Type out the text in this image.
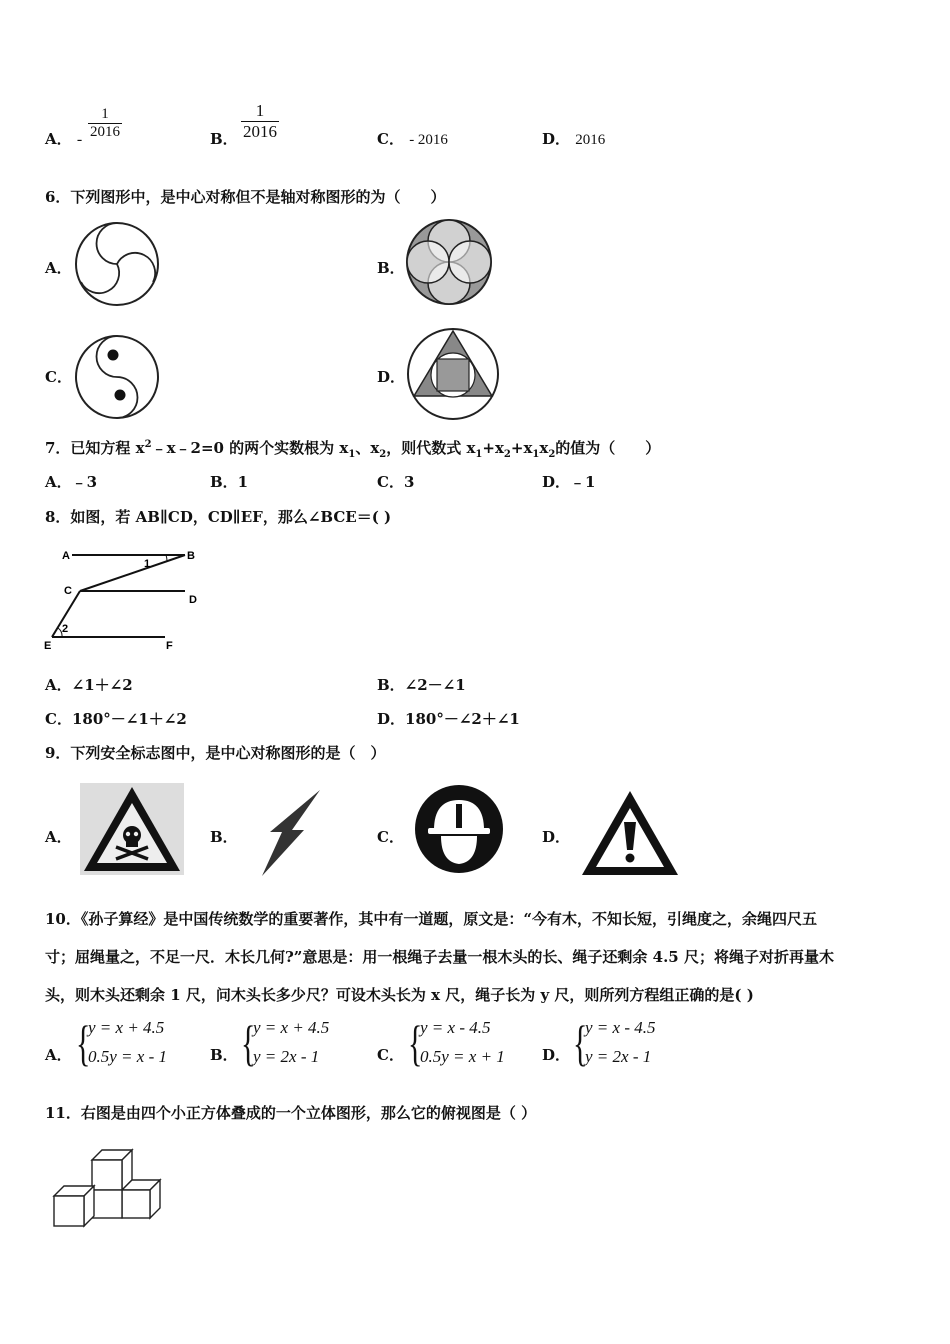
A． - $\frac{1}{2016}$	B． $\frac{1}{2016}$	C． - 2016	D． 2016
6．下列图形中，是中心对称但不是轴对称图形的为（　　）
A．	B．
C．	D．
7．已知方程 $x^2﹣x﹣2=0$ 的两个实数根为 $x_1$、$x_2$，则代数式 $x_1+x_2+x_1x_2$的值为（　　）
A．﹣3	B．1	C．3	D．﹣1
8．如图，若 AB∥CD，CD∥EF，那么∠BCE＝( )
A	B
C
D
E	F
1
2
A．∠1＋∠2	B．∠2－∠1
C．180°－∠1＋∠2	D．180°－∠2＋∠1
9．下列安全标志图中，是中心对称图形的是（　）
A．	B．	C．	D．
10．《孙子算经》是中国传统数学的重要著作，其中有一道题，原文是：“今有木，不知长短，引绳度之，余绳四尺五
寸；屈绳量之，不足一尺．木长几何?”意思是：用一根绳子去量一根木头的长、绳子还剩余 4.5 尺；将绳子对折再量木
头，则木头还剩余 1 尺，问木头长多少尺？可设木头长为 x 尺，绳子长为 y 尺，则所列方程组正确的是( )
A． {
y = x + 4.5
0.5y = x - 1	B． {
y = x + 4.5
y = 2x - 1	C． {
y = x - 4.5
0.5y = x + 1 D． {
y = x - 4.5
y = 2x - 1
11．右图是由四个小正方体叠成的一个立体图形，那么它的俯视图是（ ）
